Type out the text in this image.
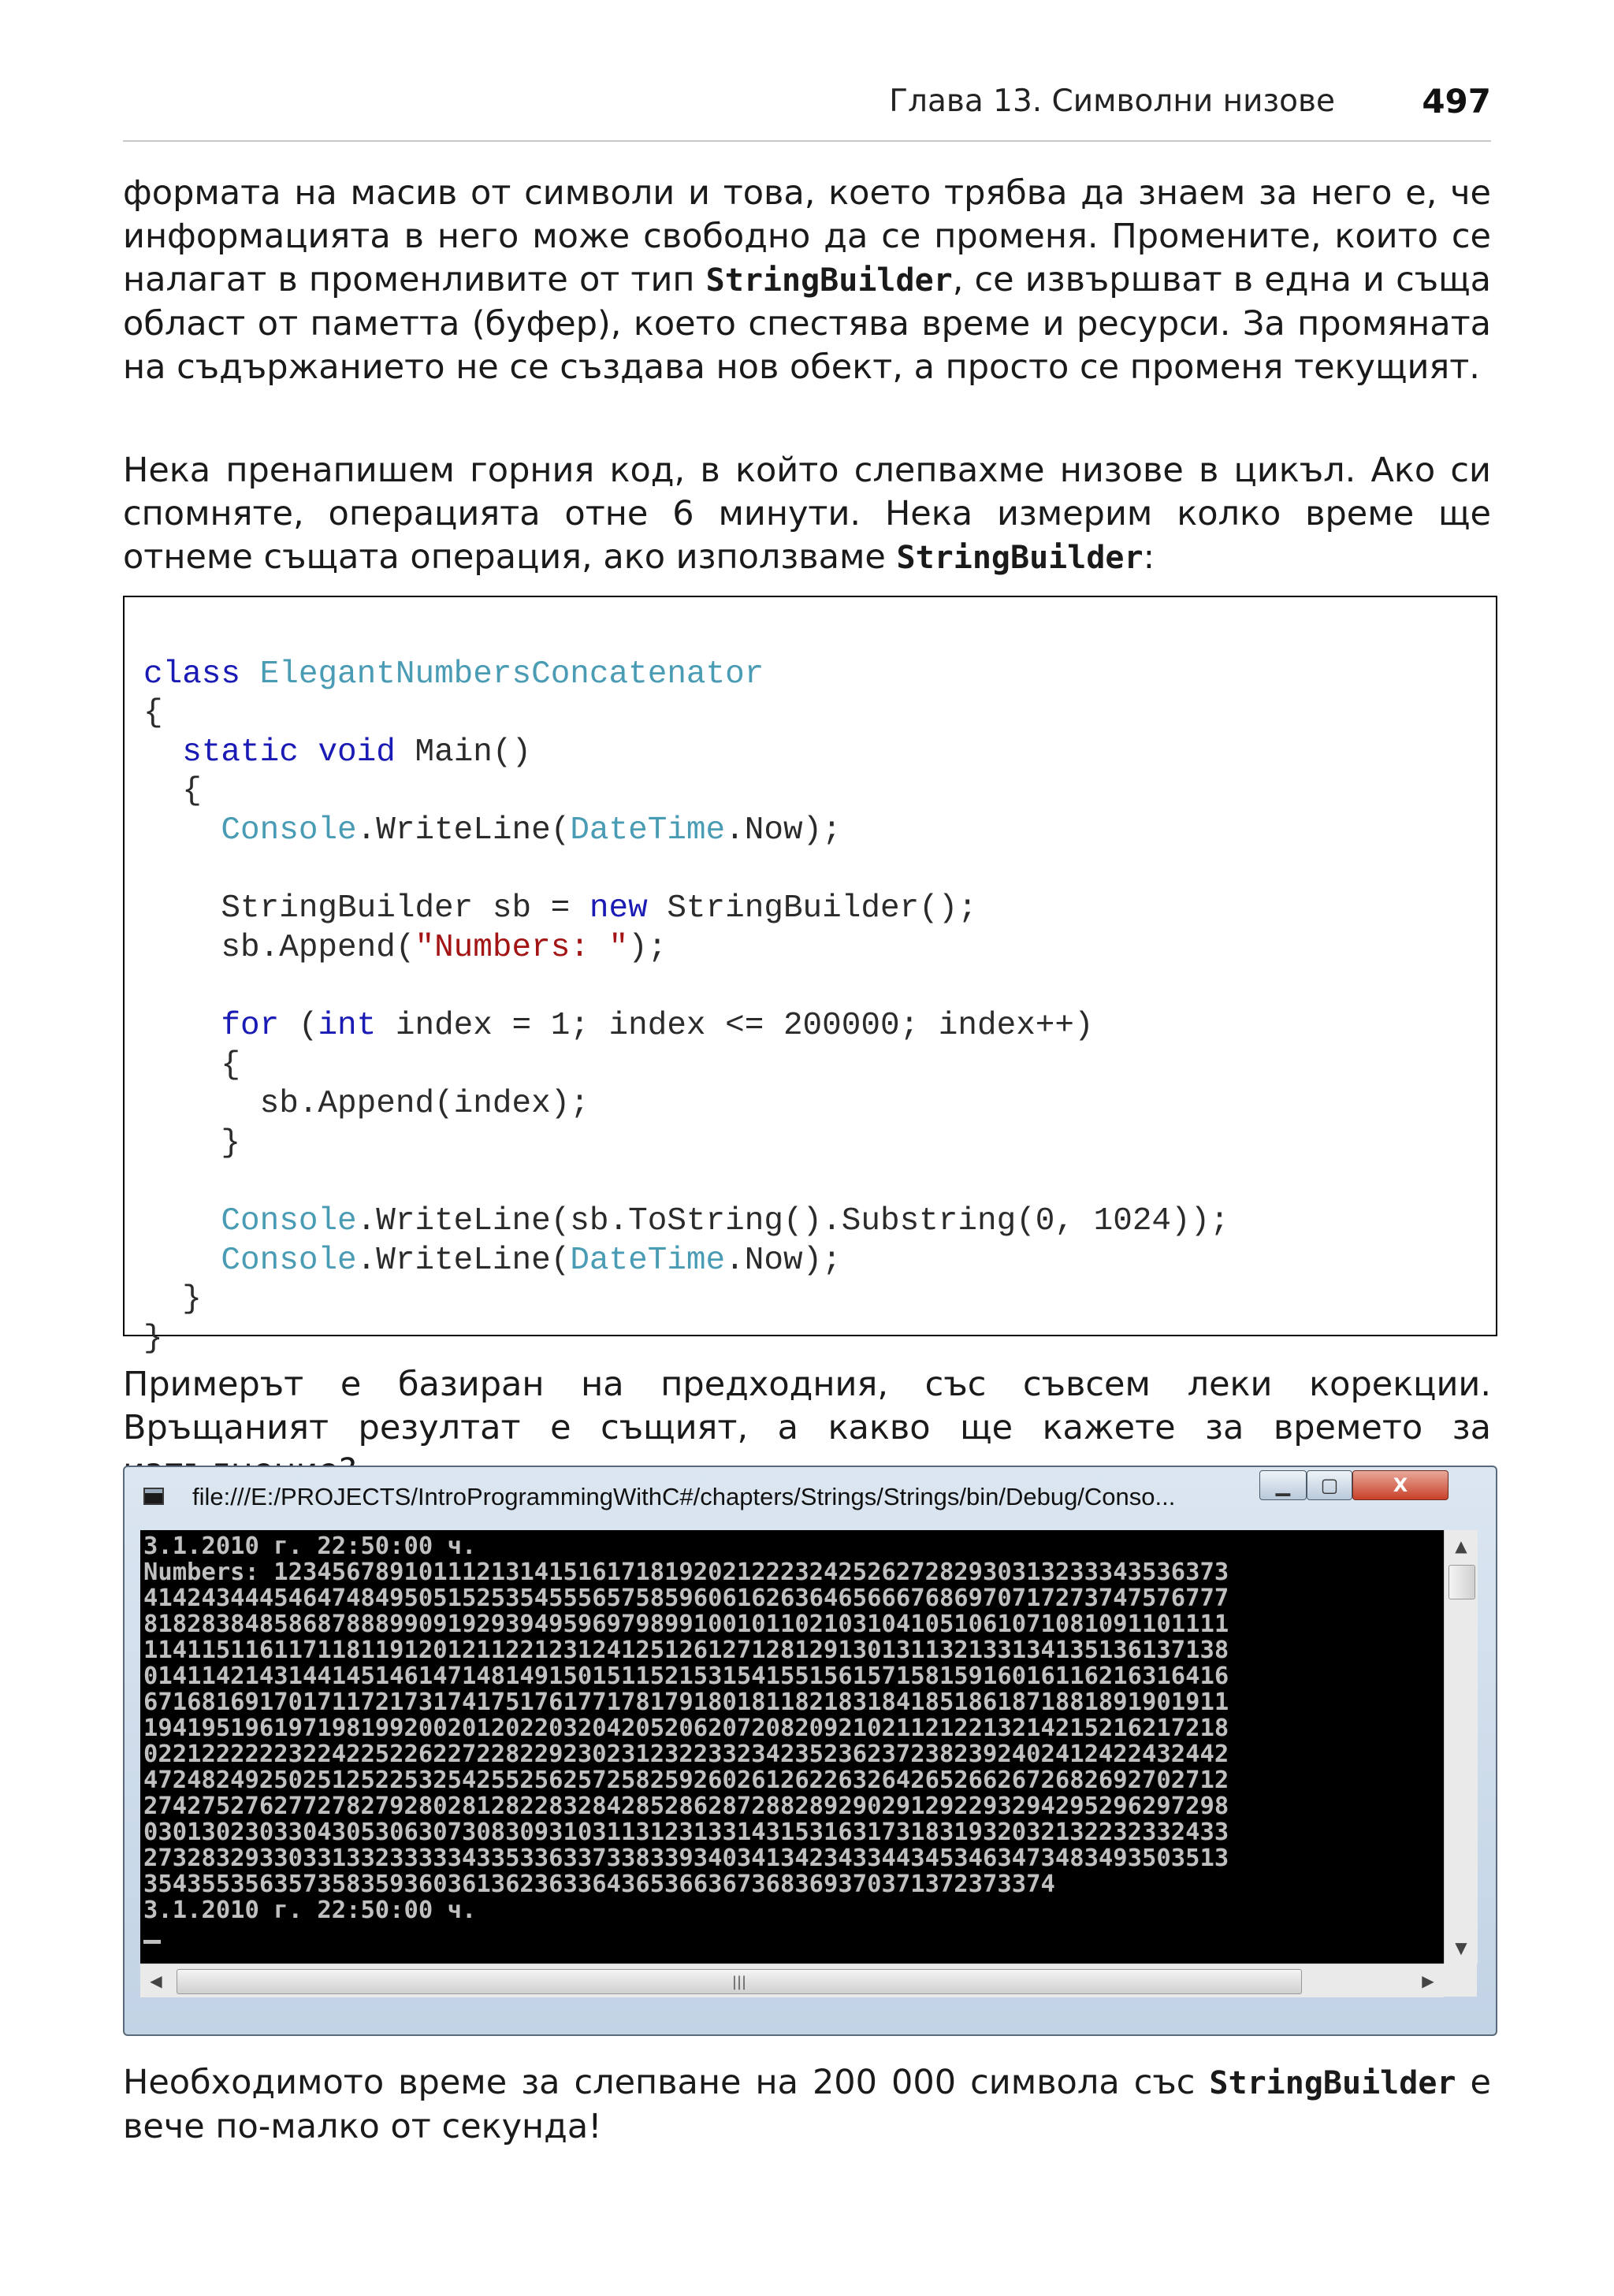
Глава 13. Символни низове	497
формата на масив от символи и това, което трябва да знаем за него е, че информацията в него може свободно да се променя. Промените, които се налагат в променливите от тип StringBuilder, се извършват в една и съща област от паметта (буфер), което спестява време и ресурси. За промяната на съдържанието не се създава нов обект, а просто се променя текущият.
Нека пренапишем горния код, в който слепвахме низове в цикъл. Ако си спомняте, операцията отне 6 минути. Нека измерим колко време ще отнеме същата операция, ако използваме StringBuilder:

class ElegantNumbersConcatenator
{
static void Main()
{
Console.WriteLine(DateTime.Now);
StringBuilder sb = new StringBuilder();
sb.Append("Numbers: ");
for (int index = 1; index <= 200000; index++)
{
sb.Append(index);
}
Console.WriteLine(sb.ToString().Substring(0, 1024));
Console.WriteLine(DateTime.Now);
}
}

Примерът е базиран на предходния, със съвсем леки корекции. Връщаният резултат е същият, а какво ще кажете за времето за
file:///E:/PROJECTS/IntroProgrammingWithC#/chapters/Strings/Strings/bin/Debug/Conso...	▁	▢	X
3.1.2010 г. 22:50:00 ч.
Numbers: 123456789101112131415161718192021222324252627282930313233343536373
414243444546474849505152535455565758596061626364656667686970717273747576777
818283848586878889909192939495969798991001011021031041051061071081091101111
114115116117118119120121122123124125126127128129130131132133134135136137138
014114214314414514614714814915015115215315415515615715815916016116216316416
671681691701711721731741751761771781791801811821831841851861871881891901911
194195196197198199200201202203204205206207208209210211212213214215216217218
022122222232242252262272282292302312322332342352362372382392402412422432442
472482492502512522532542552562572582592602612622632642652662672682692702712
274275276277278279280281282283284285286287288289290291292293294295296297298
030130230330430530630730830931031131231331431531631731831932032132232332433
273283293303313323333343353363373383393403413423433443453463473483493503513
354355356357358359360361362363364365366367368369370371372373374
3.1.2010 г. 22:50:00 ч.

▲
▼
◀	|||	▶
Необходимото време за слепване на 200 000 символа със StringBuilder е вече по-малко от секунда!
